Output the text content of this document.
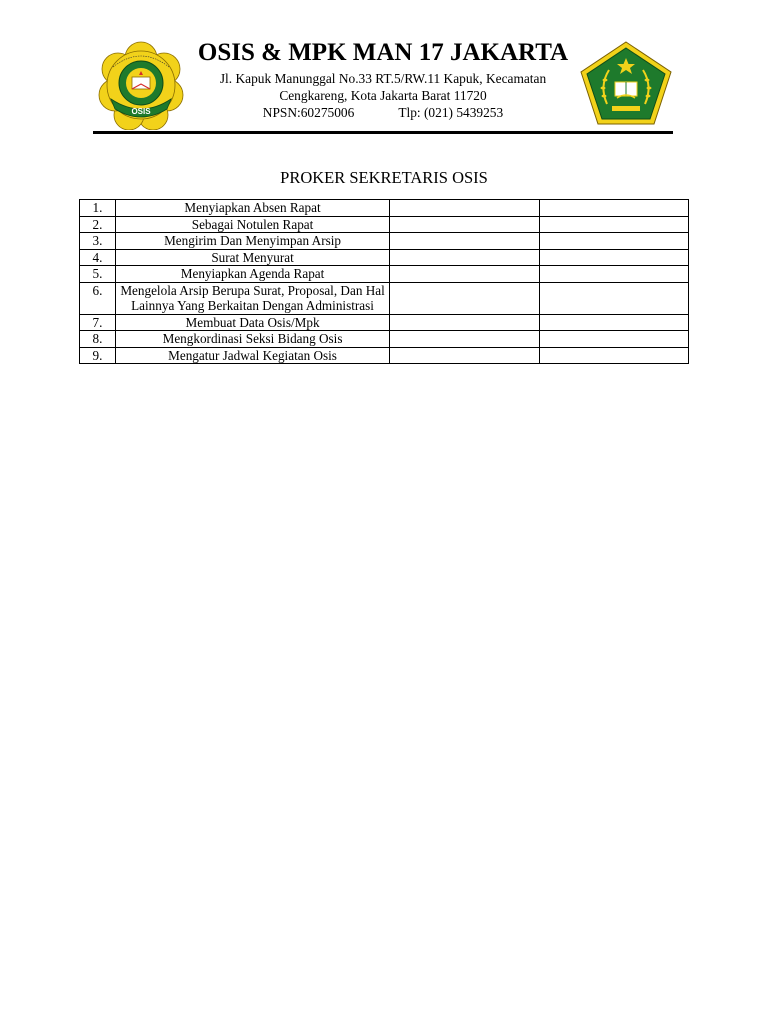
OSIS
OSIS & MPK MAN 17 JAKARTA
Jl. Kapuk Manunggal No.33 RT.5/RW.11 Kapuk, Kecamatan
Cengkareng, Kota Jakarta Barat 11720
NPSN:60275006	Tlp: (021) 5439253
PROKER SEKRETARIS OSIS
1.	Menyiapkan Absen Rapat		
2.	Sebagai Notulen Rapat		
3.	Mengirim Dan Menyimpan Arsip		
4.	Surat Menyurat		
5.	Menyiapkan Agenda Rapat		
6.	Mengelola Arsip Berupa Surat, Proposal, Dan Hal Lainnya Yang Berkaitan Dengan Administrasi		
7.	Membuat Data Osis/Mpk		
8.	Mengkordinasi Seksi Bidang Osis		
9.	Mengatur Jadwal Kegiatan Osis		
